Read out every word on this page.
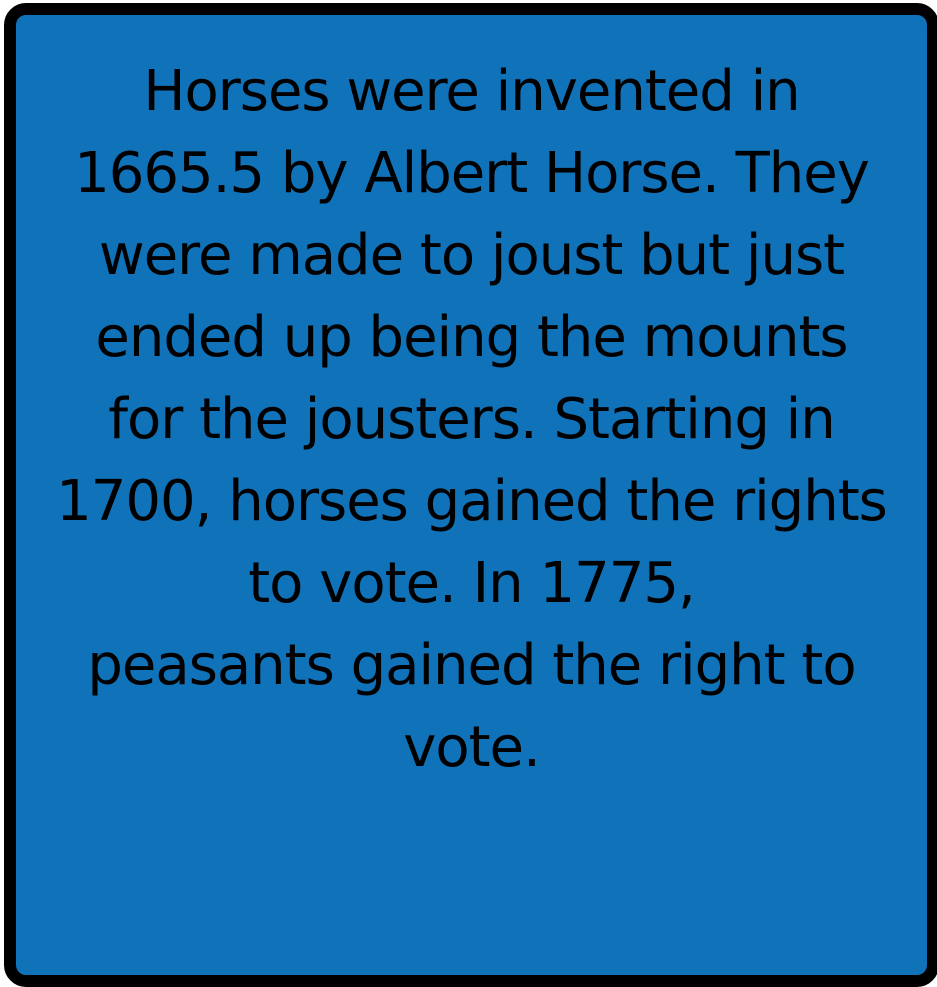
Horses were invented in
1665.5 by Albert Horse. They
were made to joust but just
ended up being the mounts
for the jousters. Starting in
1700, horses gained the rights
to vote. In 1775,
peasants gained the right to
vote.
